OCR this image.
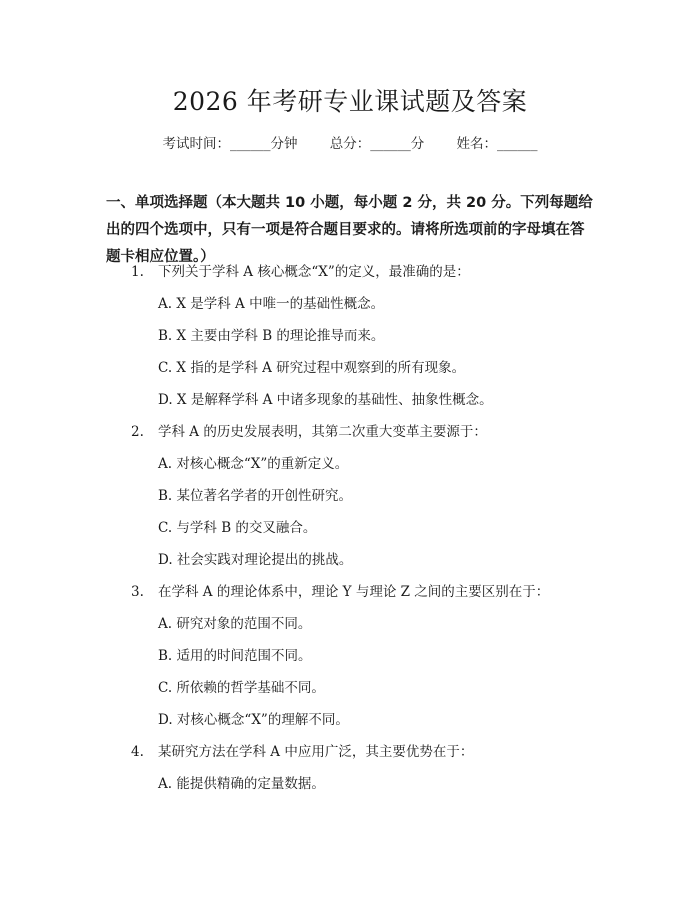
2026 年考研专业课试题及答案
考试时间：______分钟 总分：______分 姓名：______
一、单项选择题（本大题共 10 小题，每小题 2 分，共 20 分。下列每题给出的四个选项中，只有一项是符合题目要求的。请将所选项前的字母填在答题卡相应位置。）
1. 下列关于学科 A 核心概念“X”的定义，最准确的是：
A. X 是学科 A 中唯一的基础性概念。
B. X 主要由学科 B 的理论推导而来。
C. X 指的是学科 A 研究过程中观察到的所有现象。
D. X 是解释学科 A 中诸多现象的基础性、抽象性概念。
2. 学科 A 的历史发展表明，其第二次重大变革主要源于：
A. 对核心概念“X”的重新定义。
B. 某位著名学者的开创性研究。
C. 与学科 B 的交叉融合。
D. 社会实践对理论提出的挑战。
3. 在学科 A 的理论体系中，理论 Y 与理论 Z 之间的主要区别在于：
A. 研究对象的范围不同。
B. 适用的时间范围不同。
C. 所依赖的哲学基础不同。
D. 对核心概念“X”的理解不同。
4. 某研究方法在学科 A 中应用广泛，其主要优势在于：
A. 能提供精确的定量数据。
